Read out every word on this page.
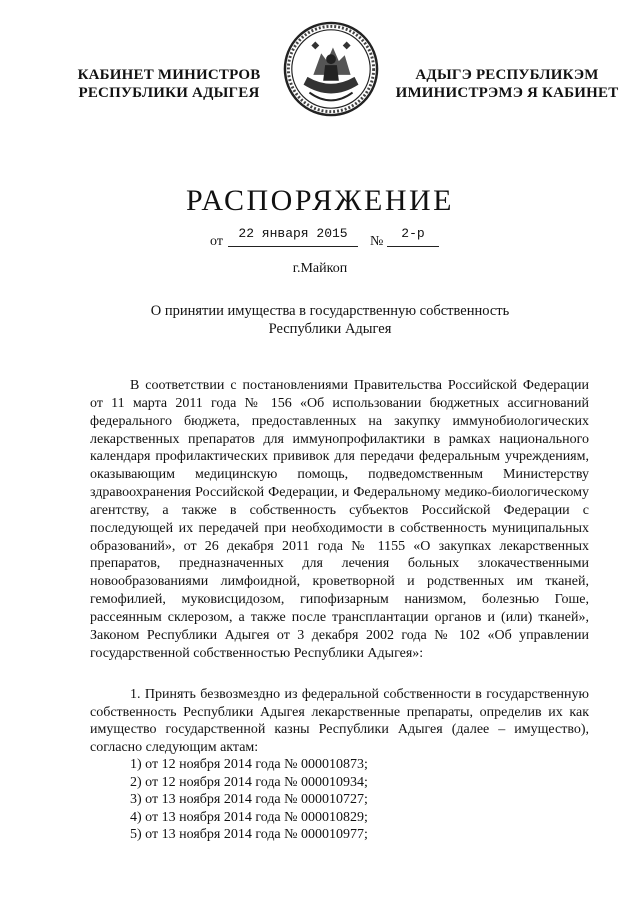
КАБИНЕТ МИНИСТРОВ
РЕСПУБЛИКИ АДЫГЕЯ
АДЫГЭ РЕСПУБЛИКЭМ
ИМИНИСТРЭМЭ Я КАБИНЕТ
РАСПОРЯЖЕНИЕ
от
22 января 2015
№
2-р
г.Майкоп
О принятии имущества в государственную собственность
Республики Адыгея
В соответствии с постановлениями Правительства Российской Федерации от 11 марта 2011 года № 156 «Об использовании бюджетных ассигнований федерального бюджета, предоставленных на закупку иммунобиологических лекарственных препаратов для иммунопрофилактики в рамках национального календаря профилактических прививок для передачи федеральным учреждениям, оказывающим медицинскую помощь, подведомственным Министерству здравоохранения Российской Федерации, и Федеральному медико-биологическому агентству, а также в собственность субъектов Российской Федерации с последующей их передачей при необходимости в собственность муниципальных образований», от 26 декабря 2011 года № 1155 «О закупках лекарственных препаратов, предназначенных для лечения больных злокачественными новообразованиями лимфоидной, кроветворной и родственных им тканей, гемофилией, муковисцидозом, гипофизарным нанизмом, болезнью Гоше, рассеянным склерозом, а также после трансплантации органов и (или) тканей», Законом Республики Адыгея от 3 декабря 2002 года № 102 «Об управлении государственной собственностью Республики Адыгея»:
1. Принять безвозмездно из федеральной собственности в государственную собственность Республики Адыгея лекарственные препараты, определив их как имущество государственной казны Республики Адыгея (далее – имущество), согласно следующим актам:
1) от 12 ноября 2014 года № 000010873;
2) от 12 ноября 2014 года № 000010934;
3) от 13 ноября 2014 года № 000010727;
4) от 13 ноября 2014 года № 000010829;
5) от 13 ноября 2014 года № 000010977;
